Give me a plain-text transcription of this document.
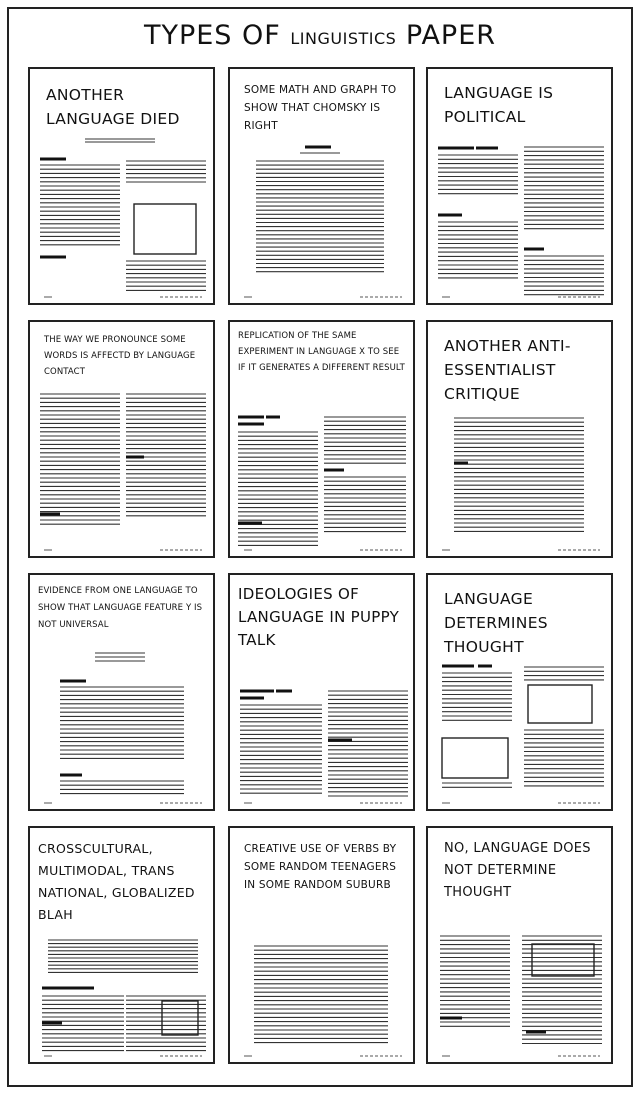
TYPES OF LINGUISTICS PAPER
ANOTHER LANGUAGE DIED
SOME MATH AND GRAPH TO SHOW THAT CHOMSKY IS RIGHT
LANGUAGE IS POLITICAL
THE WAY WE PRONOUNCE SOME WORDS IS AFFECTD BY LANGUAGE CONTACT
REPLICATION OF THE SAME EXPERIMENT IN LANGUAGE X TO SEE IF IT GENERATES A DIFFERENT RESULT
ANOTHER ANTI-ESSENTIALIST CRITIQUE
EVIDENCE FROM ONE LANGUAGE TO SHOW THAT LANGUAGE FEATURE Y IS NOT UNIVERSAL
IDEOLOGIES OF LANGUAGE IN PUPPY TALK
LANGUAGE DETERMINES THOUGHT
CROSSCULTURAL, MULTIMODAL, TRANS NATIONAL, GLOBALIZED BLAH
CREATIVE USE OF VERBS BY SOME RANDOM TEENAGERS IN SOME RANDOM SUBURB
NO, LANGUAGE DOES NOT DETERMINE THOUGHT
